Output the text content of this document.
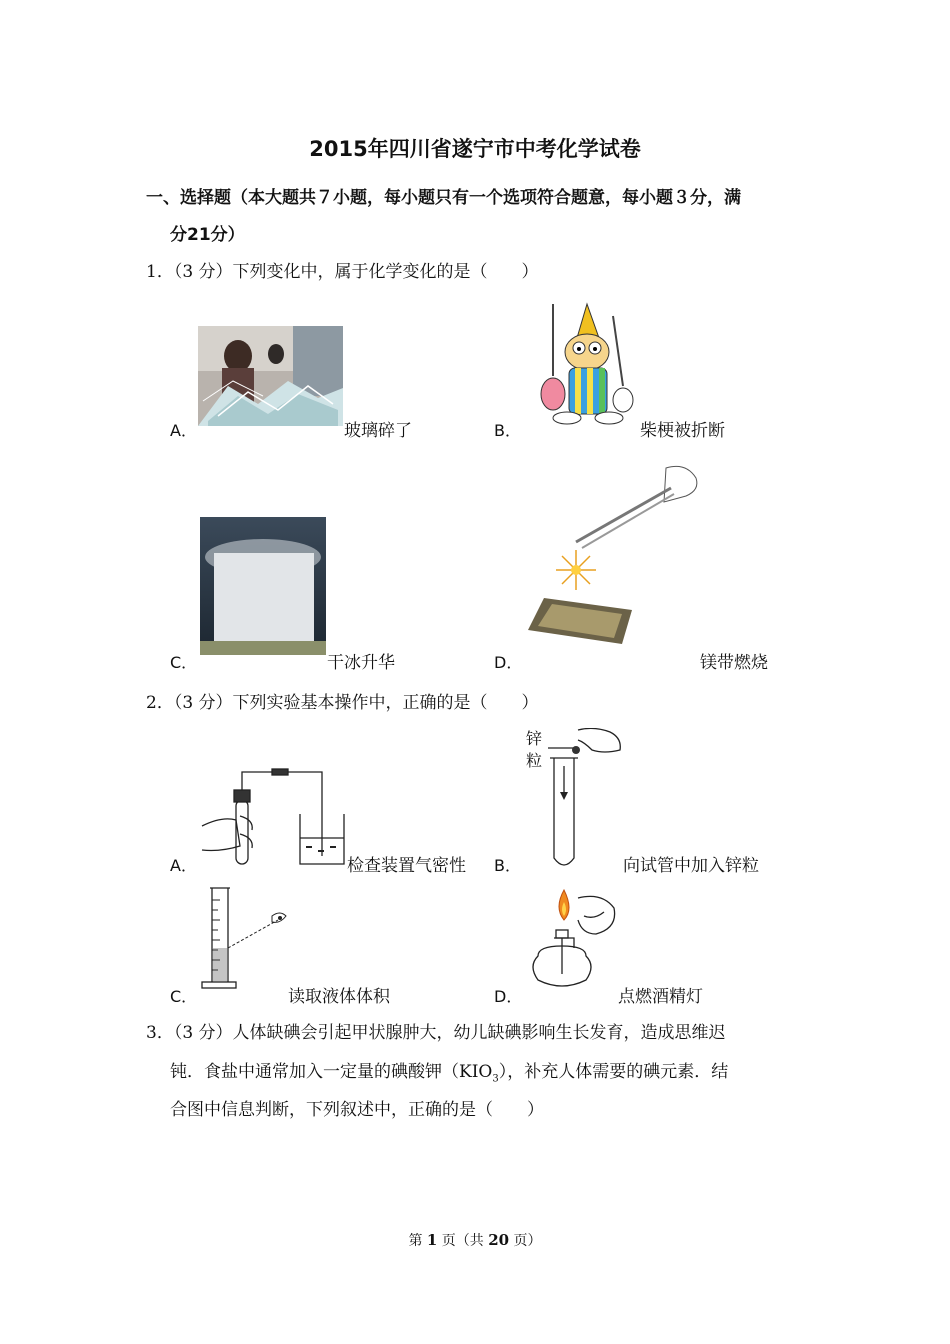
2015年四川省遂宁市中考化学试卷
一、选择题（本大题共７小题，每小题只有一个选项符合题意，每小题３分，满
分21分）
1．（3 分）下列变化中，属于化学变化的是（　　）
A．	玻璃碎了	B．	柴梗被折断
C．	干冰升华	D．	镁带燃烧
2．（3 分）下列实验基本操作中，正确的是（　　）
A．	检查装置气密性 B．
锌
粒
向试管中加入锌粒
C．	读取液体体积	D．	点燃酒精灯
3．（3 分）人体缺碘会引起甲状腺肿大，幼儿缺碘影响生长发育，造成思维迟
钝．食盐中通常加入一定量的碘酸钾$(KIO_3)$，补充人体需要的碘元素．结
合图中信息判断，下列叙述中，正确的是（　　）
第 1 页（共 20 页）
